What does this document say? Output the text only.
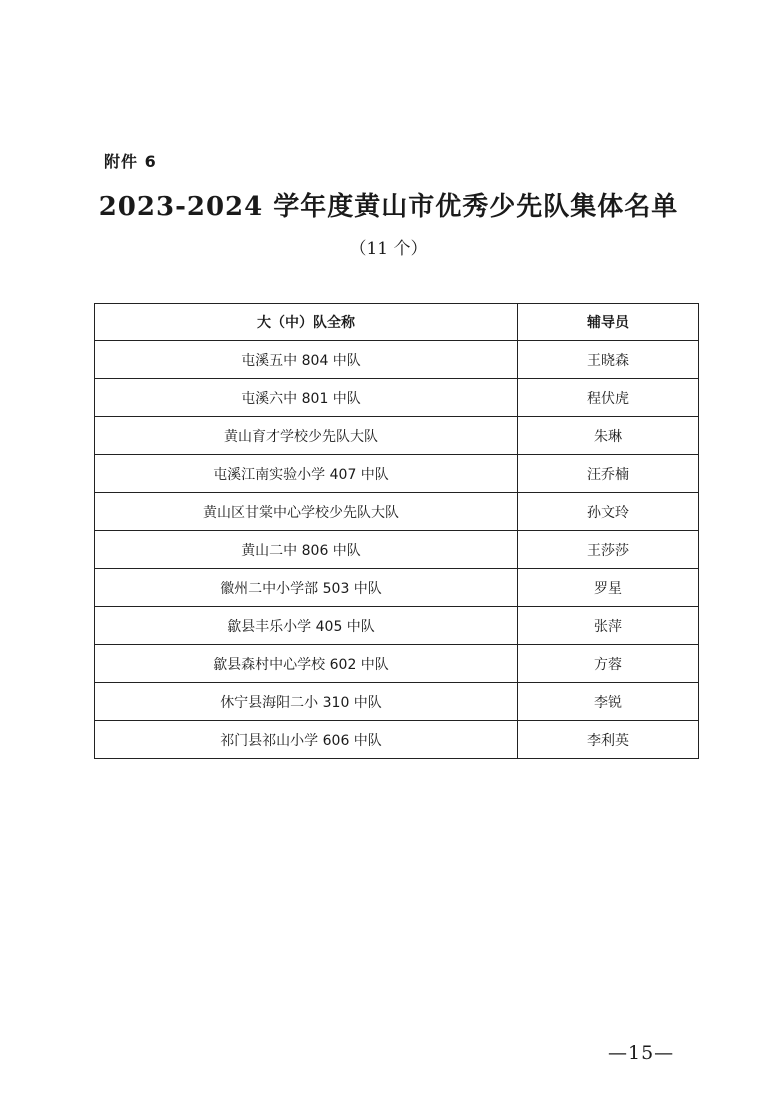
附件 6
2023-2024 学年度黄山市优秀少先队集体名单
（11 个）
大（中）队全称	辅导员
屯溪五中 804 中队	王晓森
屯溪六中 801 中队	程伏虎
黄山育才学校少先队大队	朱琳
屯溪江南实验小学 407 中队	汪乔楠
黄山区甘棠中心学校少先队大队	孙文玲
黄山二中 806 中队	王莎莎
徽州二中小学部 503 中队	罗星
歙县丰乐小学 405 中队	张萍
歙县森村中心学校 602 中队	方蓉
休宁县海阳二小 310 中队	李锐
祁门县祁山小学 606 中队	李利英
—15—
